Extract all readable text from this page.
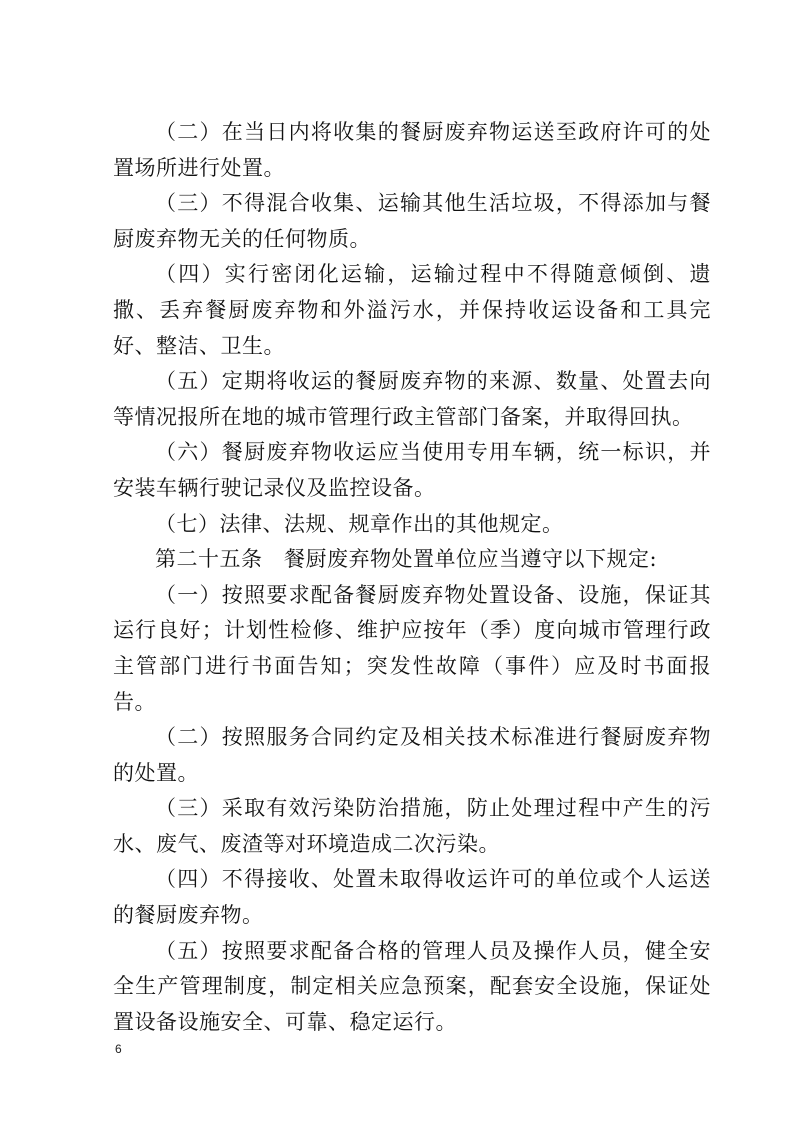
（二）在当日内将收集的餐厨废弃物运送至政府许可的处置场所进行处置。

（三）不得混合收集、运输其他生活垃圾，不得添加与餐厨废弃物无关的任何物质。

（四）实行密闭化运输，运输过程中不得随意倾倒、遗撒、丢弃餐厨废弃物和外溢污水，并保持收运设备和工具完好、整洁、卫生。

（五）定期将收运的餐厨废弃物的来源、数量、处置去向等情况报所在地的城市管理行政主管部门备案，并取得回执。

（六）餐厨废弃物收运应当使用专用车辆，统一标识，并安装车辆行驶记录仪及监控设备。

（七）法律、法规、规章作出的其他规定。

第二十五条　餐厨废弃物处置单位应当遵守以下规定:

（一）按照要求配备餐厨废弃物处置设备、设施，保证其运行良好；计划性检修、维护应按年（季）度向城市管理行政主管部门进行书面告知；突发性故障（事件）应及时书面报告。

（二）按照服务合同约定及相关技术标准进行餐厨废弃物的处置。

（三）采取有效污染防治措施，防止处理过程中产生的污水、废气、废渣等对环境造成二次污染。

（四）不得接收、处置未取得收运许可的单位或个人运送的餐厨废弃物。

（五）按照要求配备合格的管理人员及操作人员，健全安全生产管理制度，制定相关应急预案，配套安全设施，保证处置设备设施安全、可靠、稳定运行。

6
